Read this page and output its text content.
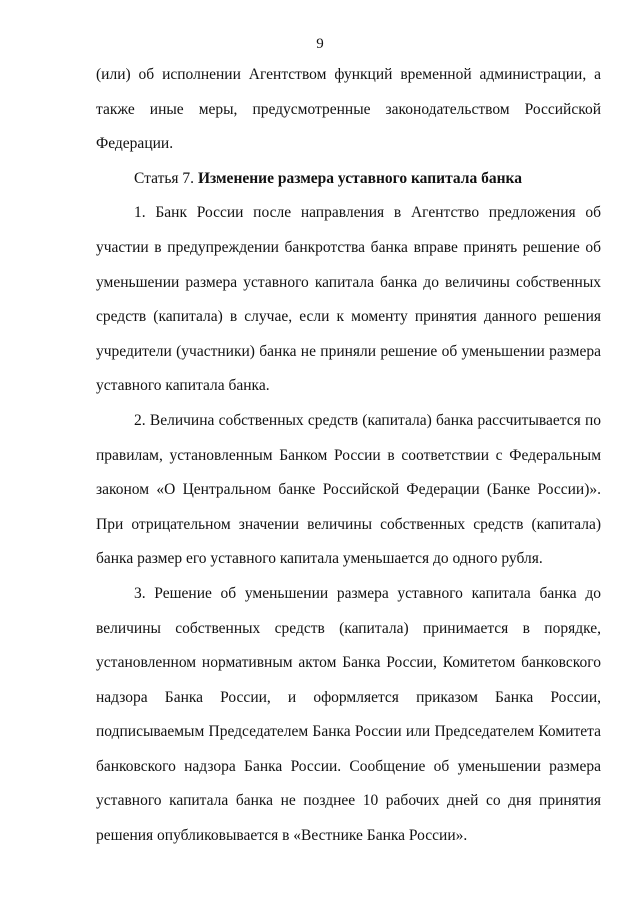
9

(или) об исполнении Агентством функций временной администрации, а также иные меры, предусмотренные законодательством Российской Федерации.

Статья 7. Изменение размера уставного капитала банка

1. Банк России после направления в Агентство предложения об участии в предупреждении банкротства банка вправе принять решение об уменьшении размера уставного капитала банка до величины собственных средств (капитала) в случае, если к моменту принятия данного решения учредители (участники) банка не приняли решение об уменьшении размера уставного капитала банка.

2. Величина собственных средств (капитала) банка рассчитывается по правилам, установленным Банком России в соответствии с Федеральным законом «О Центральном банке Российской Федерации (Банке России)». При отрицательном значении величины собственных средств (капитала) банка размер его уставного капитала уменьшается до одного рубля.

3. Решение об уменьшении размера уставного капитала банка до величины собственных средств (капитала) принимается в порядке, установленном нормативным актом Банка России, Комитетом банковского надзора Банка России, и оформляется приказом Банка России, подписываемым Председателем Банка России или Председателем Комитета банковского надзора Банка России. Сообщение об уменьшении размера уставного капитала банка не позднее 10 рабочих дней со дня принятия решения опубликовывается в «Вестнике Банка России».
